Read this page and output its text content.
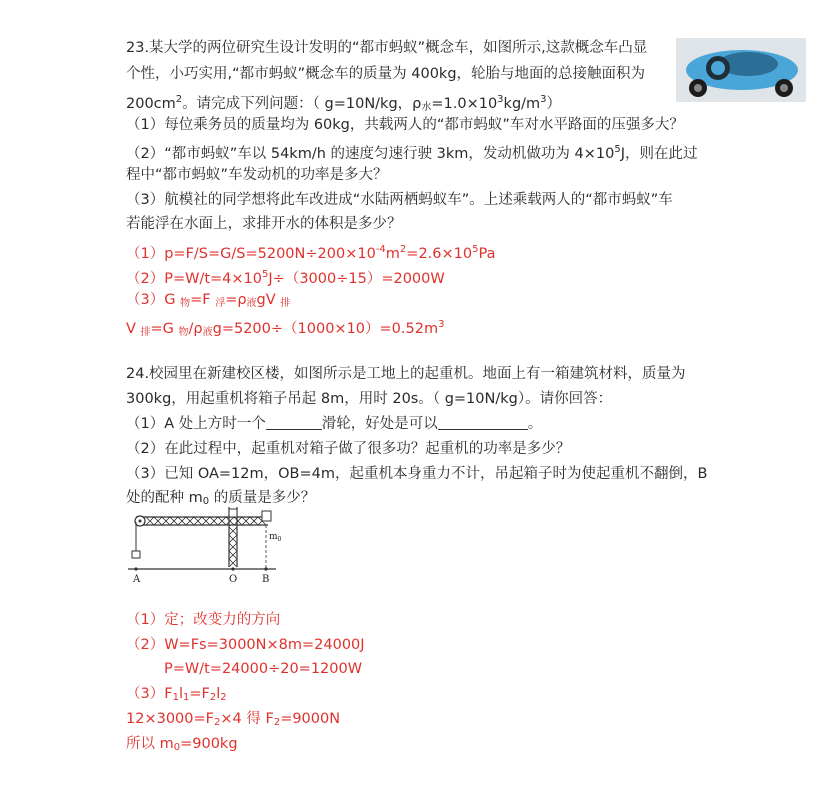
23.某大学的两位研究生设计发明的“都市蚂蚁”概念车，如图所示,这款概念车凸显
个性，小巧实用,“都市蚂蚁”概念车的质量为 400kg，轮胎与地面的总接触面积为
$200cm^2$。请完成下列问题：（ g=10N/kg，$\rho_水=1.0\times 10^3kg/m^3$）
（1）每位乘务员的质量均为 60kg，共载两人的“都市蚂蚁”车对水平路面的压强多大？
（2）“都市蚂蚁”车以 54km/h 的速度匀速行驶 3km，发动机做功为 $4\times 10^5J$，则在此过
程中“都市蚂蚁”车发动机的功率是多大？
（3）航模社的同学想将此车改进成“水陆两栖蚂蚁车”。上述乘载两人的“都市蚂蚁”车
若能浮在水面上，求排开水的体积是多少？
$(1)p=F/S=G/S=5200N\div 200\times 10^{-4}m^2=2.6\times 10^5Pa$
$(2)P=W/t=4\times 10^5J\div(3000\div 15)=2000W$
（3）G $_物$=F $_浮=\rho_液gV$ $_排$
V $_排$=G $_物/\rho_液g=5200\div(1000\times 10)=0.52m^3$
24.校园里在新建校区楼，如图所示是工地上的起重机。地面上有一箱建筑材料，质量为
300kg，用起重机将箱子吊起 8m，用时 20s。（ g=10N/kg）。请你回答：
（1）A 处上方时一个	滑轮，好处是可以	。
（2）在此过程中，起重机对箱子做了很多功？起重机的功率是多少？
（3）已知 OA=12m，OB=4m，起重机本身重力不计，吊起箱子时为使起重机不翻倒，B
处的配种 $m_0$ 的质量是多少？
A	O B
$m_0$
（1）定；改变力的方向
（2）W=Fs=3000N×8m=24000J
P=W/t=24000÷20=1200W
$(3)F_1l_1=F_2l_2$
$12\times 3000=F_2\times 4$ 得 $F_2=9000N$
所以 $m_0=900kg$
